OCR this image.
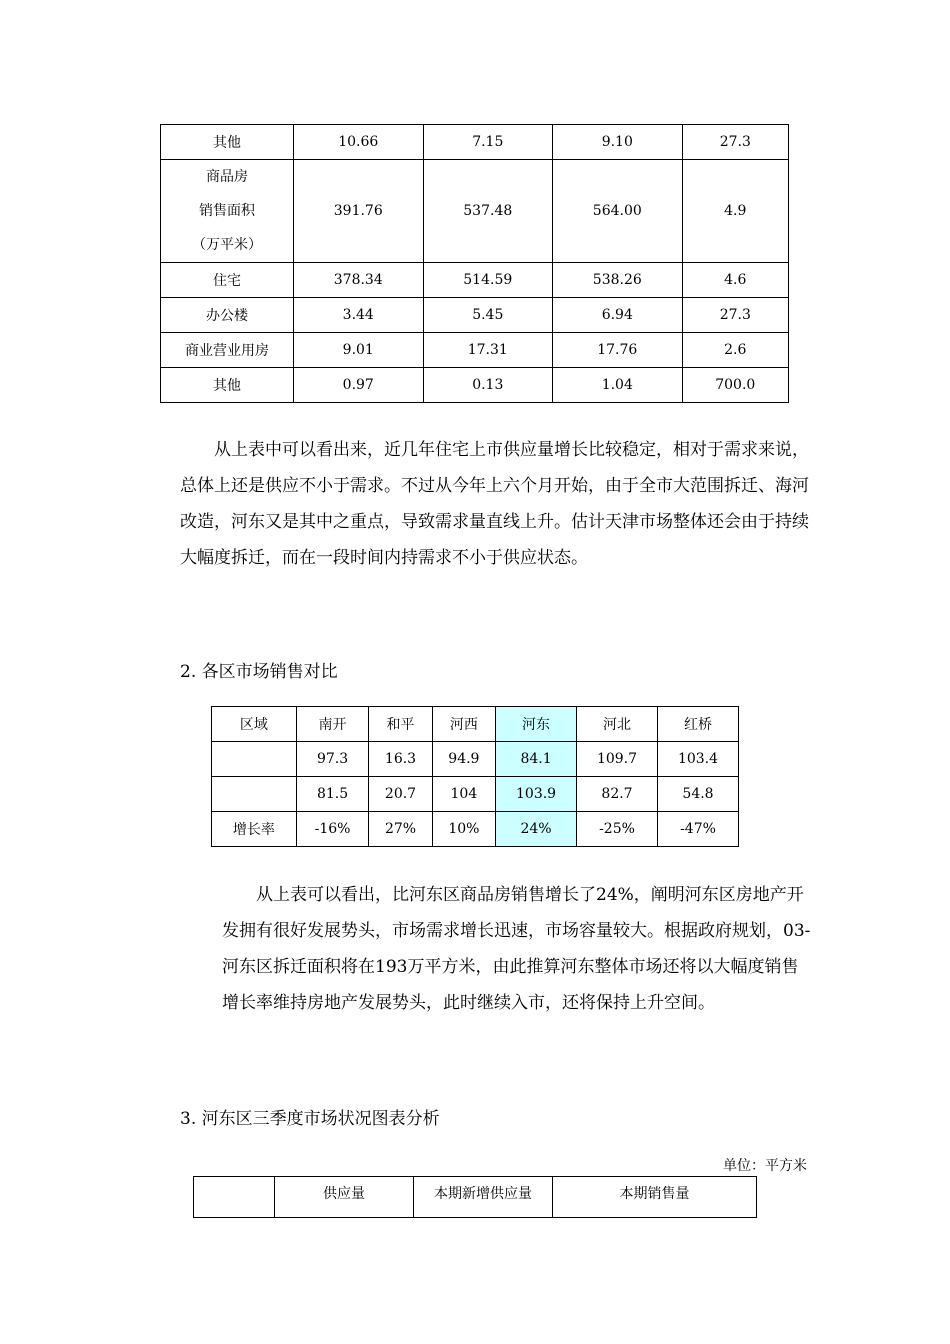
其他	10.66	7.15	9.10	27.3
商品房
销售面积
（万平米）	391.76	537.48	564.00	4.9
住宅	378.34	514.59	538.26	4.6
办公楼	3.44	5.45	6.94	27.3
商业营业用房	9.01	17.31	17.76	2.6
其他	0.97	0.13	1.04	700.0

从上表中可以看出来，近几年住宅上市供应量增长比较稳定，相对于需求来说，总体上还是供应不小于需求。不过从今年上六个月开始，由于全市大范围拆迁、海河改造，河东又是其中之重点，导致需求量直线上升。估计天津市场整体还会由于持续大幅度拆迁，而在一段时间内持需求不小于供应状态。

2. 各区市场销售对比

区域	南开	和平	河西	河东	河北	红桥
	97.3	16.3	94.9	84.1	109.7	103.4
	81.5	20.7	104	103.9	82.7	54.8
增长率	-16%	27%	10%	24%	-25%	-47%

从上表可以看出，比河东区商品房销售增长了24%，阐明河东区房地产开发拥有很好发展势头，市场需求增长迅速，市场容量较大。根据政府规划，03-河东区拆迁面积将在193万平方米，由此推算河东整体市场还将以大幅度销售增长率维持房地产发展势头，此时继续入市，还将保持上升空间。

3. 河东区三季度市场状况图表分析

单位：平方米
	供应量	本期新增供应量	本期销售量
